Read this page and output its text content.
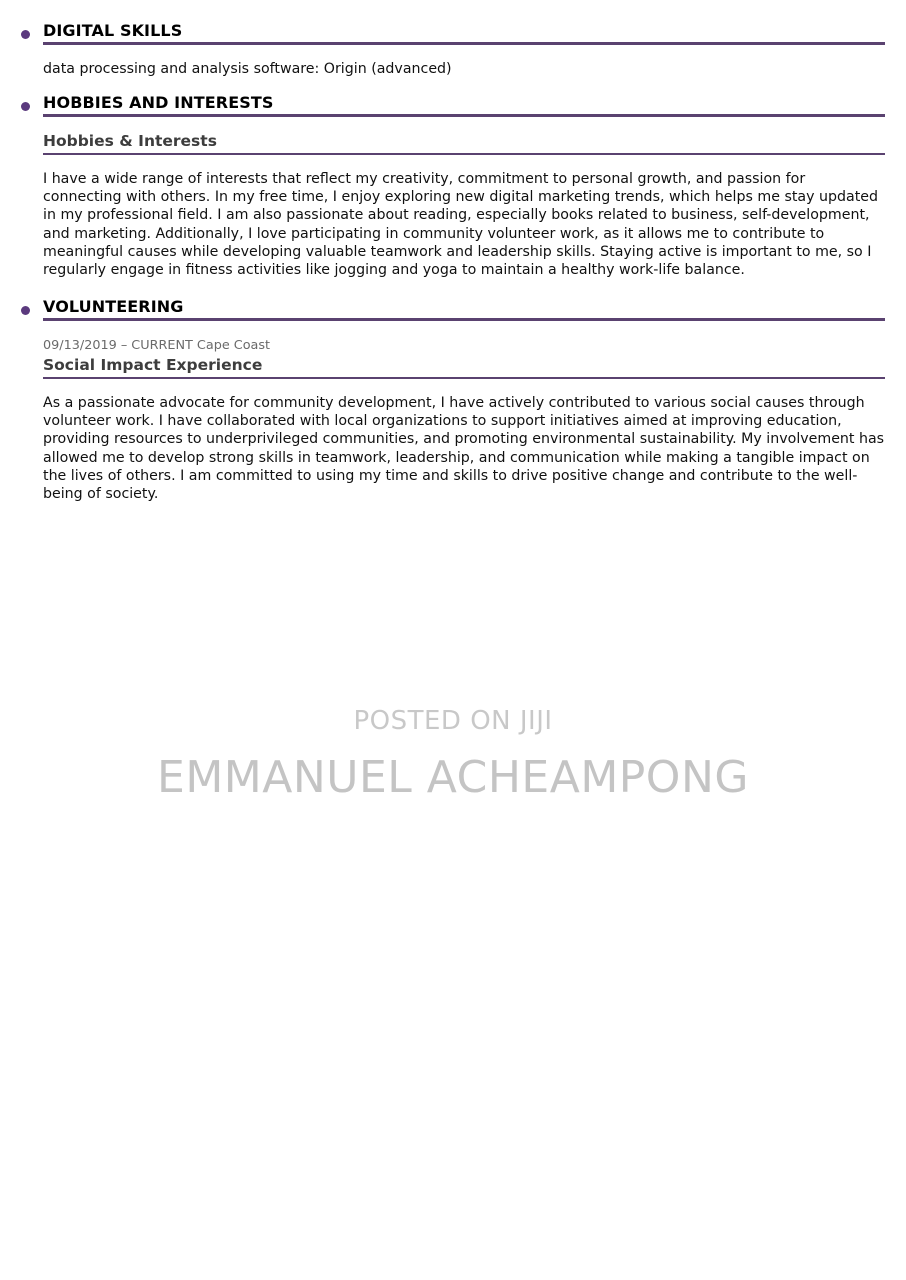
DIGITAL SKILLS

data processing and analysis software: Origin (advanced)

HOBBIES AND INTERESTS
Hobbies & Interests

I have a wide range of interests that reflect my creativity, commitment to personal growth, and passion for connecting with others. In my free time, I enjoy exploring new digital marketing trends, which helps me stay updated in my professional field. I am also passionate about reading, especially books related to business, self-development, and marketing. Additionally, I love participating in community volunteer work, as it allows me to contribute to meaningful causes while developing valuable teamwork and leadership skills. Staying active is important to me, so I regularly engage in fitness activities like jogging and yoga to maintain a healthy work-life balance.

VOLUNTEERING

09/13/2019 – CURRENT Cape Coast

Social Impact Experience

As a passionate advocate for community development, I have actively contributed to various social causes through volunteer work. I have collaborated with local organizations to support initiatives aimed at improving education, providing resources to underprivileged communities, and promoting environmental sustainability. My involvement has allowed me to develop strong skills in teamwork, leadership, and communication while making a tangible impact on the lives of others. I am committed to using my time and skills to drive positive change and contribute to the well-being of society.

POSTED ON JIJI
EMMANUEL ACHEAMPONG
